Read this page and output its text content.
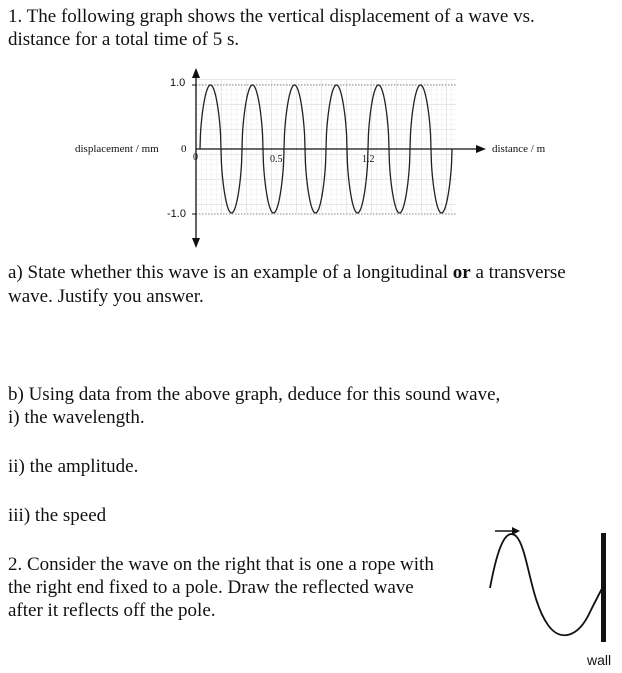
1. The following graph shows the vertical displacement of a wave vs.
distance for a total time of 5 s.
1.0
0
-1.0
displacement / mm	distance / m
0	0.5	1.2
a) State whether this wave is an example of a longitudinal or a transverse
wave. Justify you answer.
b) Using data from the above graph, deduce for this sound wave,
i) the wavelength.
ii) the amplitude.
iii) the speed
2. Consider the wave on the right that is one a rope with
the right end fixed to a pole. Draw the reflected wave
after it reflects off the pole.
wall
